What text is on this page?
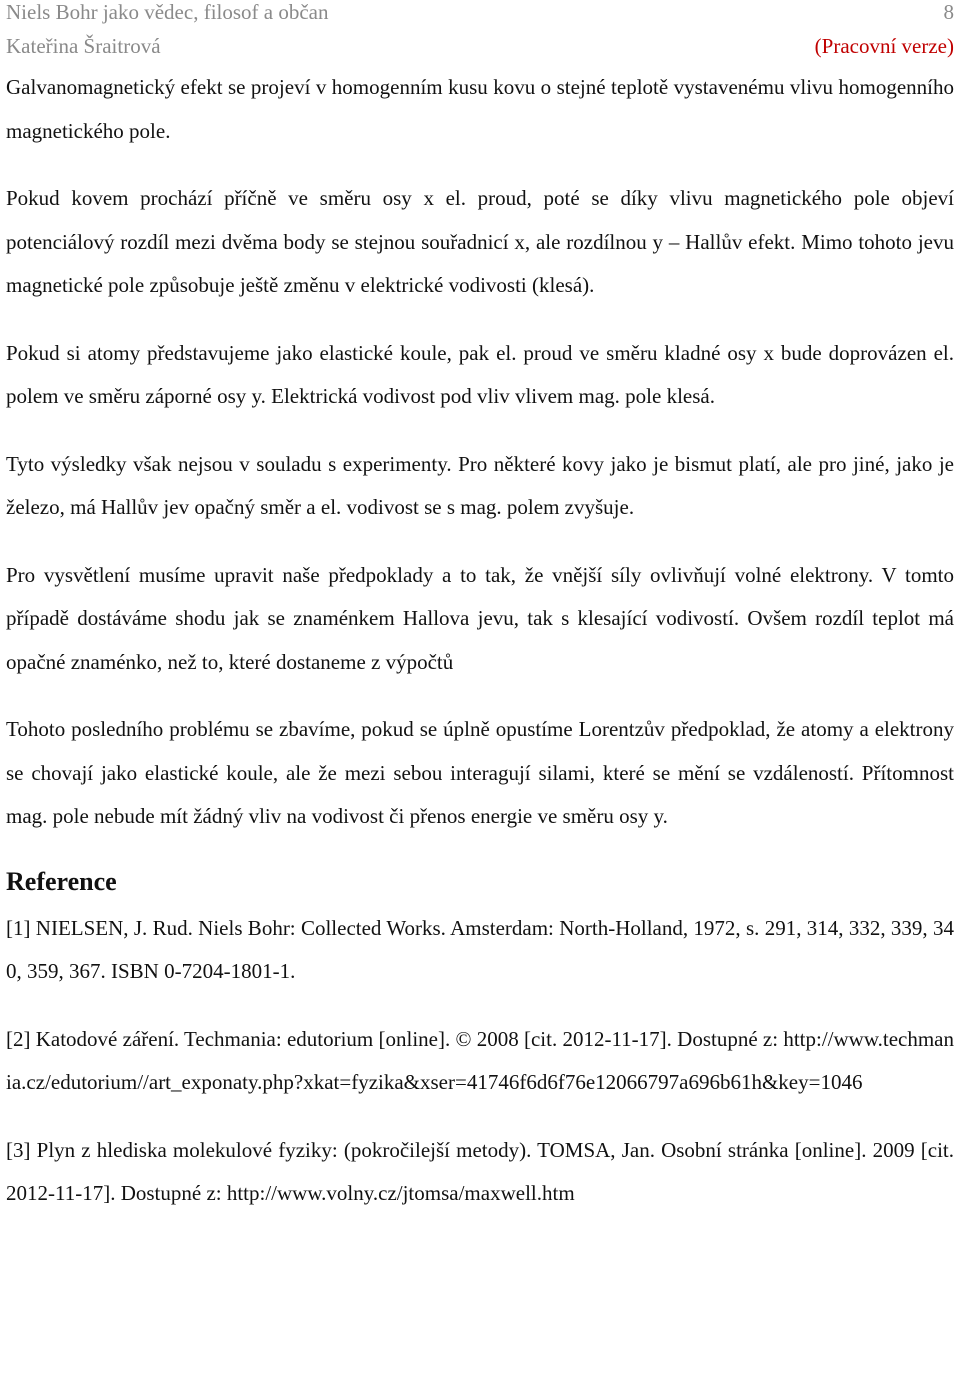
Niels Bohr jako vědec, filosof a občan	8
Kateřina Šraitrová	(Pracovní verze)

Galvanomagnetický efekt se projeví v homogenním kusu kovu o stejné teplotě vystavenému vlivu homogenního magnetického pole.

Pokud kovem prochází příčně ve směru osy x el. proud, poté se díky vlivu magnetického pole objeví potenciálový rozdíl mezi dvěma body se stejnou souřadnicí x, ale rozdílnou y – Hallův efekt. Mimo tohoto jevu magnetické pole způsobuje ještě změnu v elektrické vodivosti (klesá).

Pokud si atomy představujeme jako elastické koule, pak el. proud ve směru kladné osy x bude doprovázen el. polem ve směru záporné osy y. Elektrická vodivost pod vliv vlivem mag. pole klesá.

Tyto výsledky však nejsou v souladu s experimenty. Pro některé kovy jako je bismut platí, ale pro jiné, jako je železo, má Hallův jev opačný směr a el. vodivost se s mag. polem zvyšuje.

Pro vysvětlení musíme upravit naše předpoklady a to tak, že vnější síly ovlivňují volné elektrony. V tomto případě dostáváme shodu jak se znaménkem Hallova jevu, tak s klesající vodivostí. Ovšem rozdíl teplot má opačné znaménko, než to, které dostaneme z výpočtů

Tohoto posledního problému se zbavíme, pokud se úplně opustíme Lorentzův předpoklad, že atomy a elektrony se chovají jako elastické koule, ale že mezi sebou interagují silami, které se mění se vzdáleností. Přítomnost mag. pole nebude mít žádný vliv na vodivost či přenos energie ve směru osy y.

Reference

[1] NIELSEN, J. Rud. Niels Bohr: Collected Works. Amsterdam: North-Holland, 1972, s. 291, 314, 332, 339, 340, 359, 367. ISBN 0-7204-1801-1.

[2] Katodové záření. Techmania: edutorium [online]. © 2008 [cit. 2012-11-17]. Dostupné z: http://www.techmania.cz/edutorium//art_exponaty.php?xkat=fyzika&xser=41746f6d6f76e12066797a696b61h&key=1046

[3] Plyn z hlediska molekulové fyziky: (pokročilejší metody). TOMSA, Jan. Osobní stránka [online]. 2009 [cit. 2012-11-17]. Dostupné z: http://www.volny.cz/jtomsa/maxwell.htm
